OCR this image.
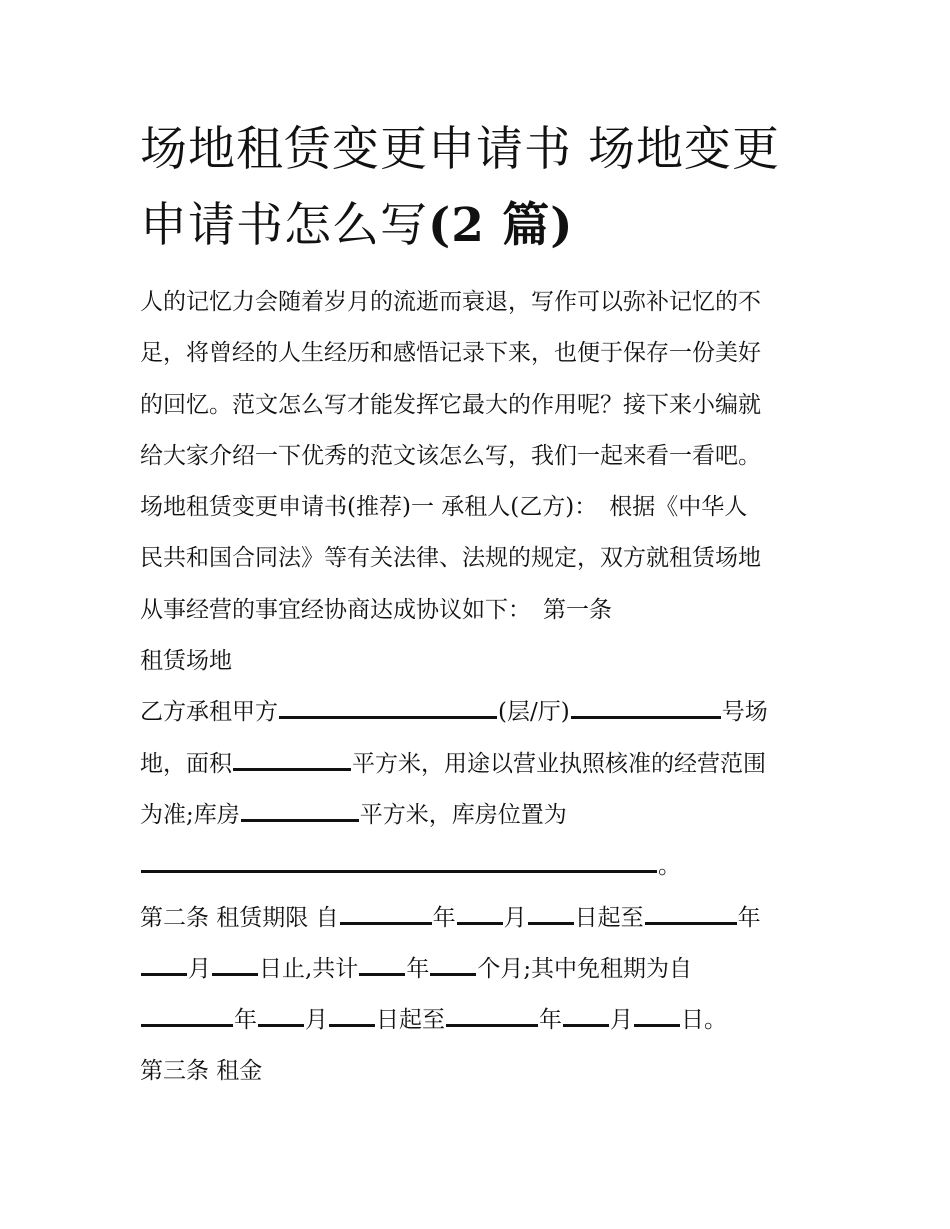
场地租赁变更申请书 场地变更
申请书怎么写(2 篇)
人的记忆力会随着岁月的流逝而衰退，写作可以弥补记忆的不
足，将曾经的人生经历和感悟记录下来，也便于保存一份美好
的回忆。范文怎么写才能发挥它最大的作用呢？接下来小编就
给大家介绍一下优秀的范文该怎么写，我们一起来看一看吧。
场地租赁变更申请书(推荐)一 承租人(乙方)： 根据《中华人
民共和国合同法》等有关法律、法规的规定，双方就租赁场地
从事经营的事宜经协商达成协议如下： 第一条
租赁场地
乙方承租甲方	(层/厅)	号场
地，面积	平方米，用途以营业执照核准的经营范围
为准;库房	平方米，库房位置为
。
第二条 租赁期限 自	年 月 日起至	年
月 日止,共计 年 个月;其中免租期为自
年 月 日起至	年 月 日。
第三条 租金
